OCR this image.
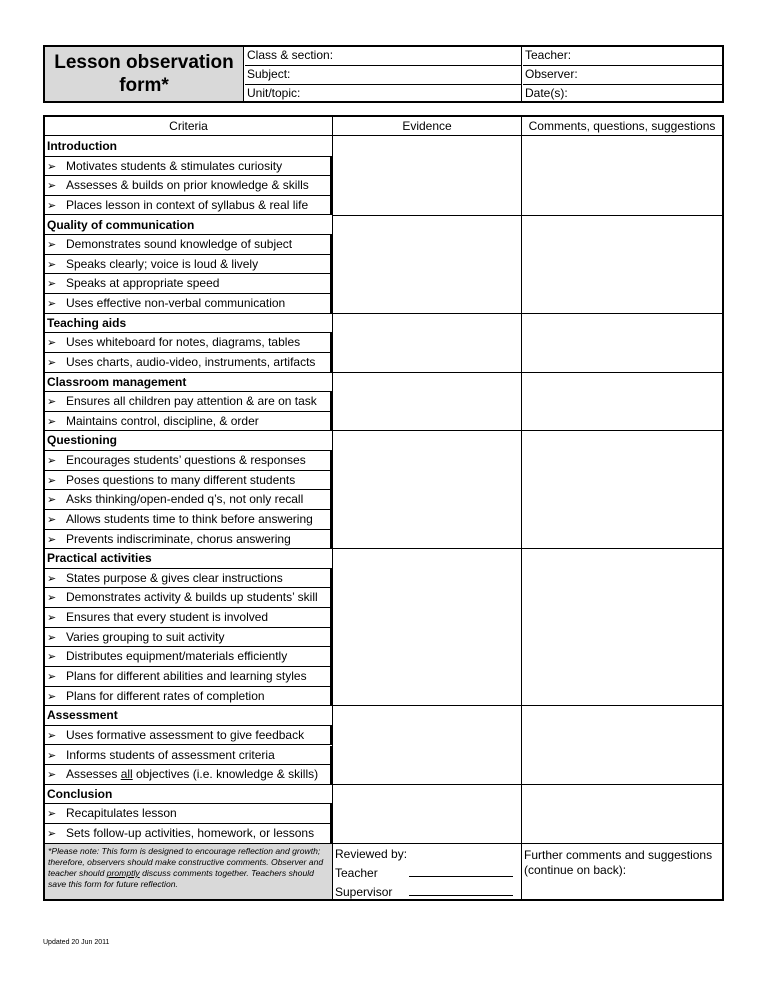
Lesson observation form*
Class & section:
Subject:
Unit/topic:
Teacher:
Observer:
Date(s):
Criteria	Evidence	Comments, questions, suggestions
Introduction
➢ Motivates students & stimulates curiosity
➢ Assesses & builds on prior knowledge & skills
➢ Places lesson in context of syllabus & real life
Quality of communication
➢ Demonstrates sound knowledge of subject
➢ Speaks clearly; voice is loud & lively
➢ Speaks at appropriate speed
➢ Uses effective non-verbal communication
Teaching aids
➢ Uses whiteboard for notes, diagrams, tables
➢ Uses charts, audio-video, instruments, artifacts
Classroom management
➢ Ensures all children pay attention & are on task
➢ Maintains control, discipline, & order
Questioning
➢ Encourages students’ questions & responses
➢ Poses questions to many different students
➢ Asks thinking/open-ended q’s, not only recall
➢ Allows students time to think before answering
➢ Prevents indiscriminate, chorus answering
Practical activities
➢ States purpose & gives clear instructions
➢ Demonstrates activity & builds up students’ skill
➢ Ensures that every student is involved
➢ Varies grouping to suit activity
➢ Distributes equipment/materials efficiently
➢ Plans for different abilities and learning styles
➢ Plans for different rates of completion
Assessment
➢ Uses formative assessment to give feedback
➢ Informs students of assessment criteria
➢ Assesses all objectives (i.e. knowledge & skills)
Conclusion
➢ Recapitulates lesson
➢ Sets follow-up activities, homework, or lessons
*Please note: This form is designed to encourage reflection and growth; therefore, observers should make constructive comments. Observer and teacher should promptly discuss comments together. Teachers should save this form for future reflection.
Reviewed by:
Teacher
Supervisor
Further comments and suggestions (continue on back):
Updated 20 Jun 2011
